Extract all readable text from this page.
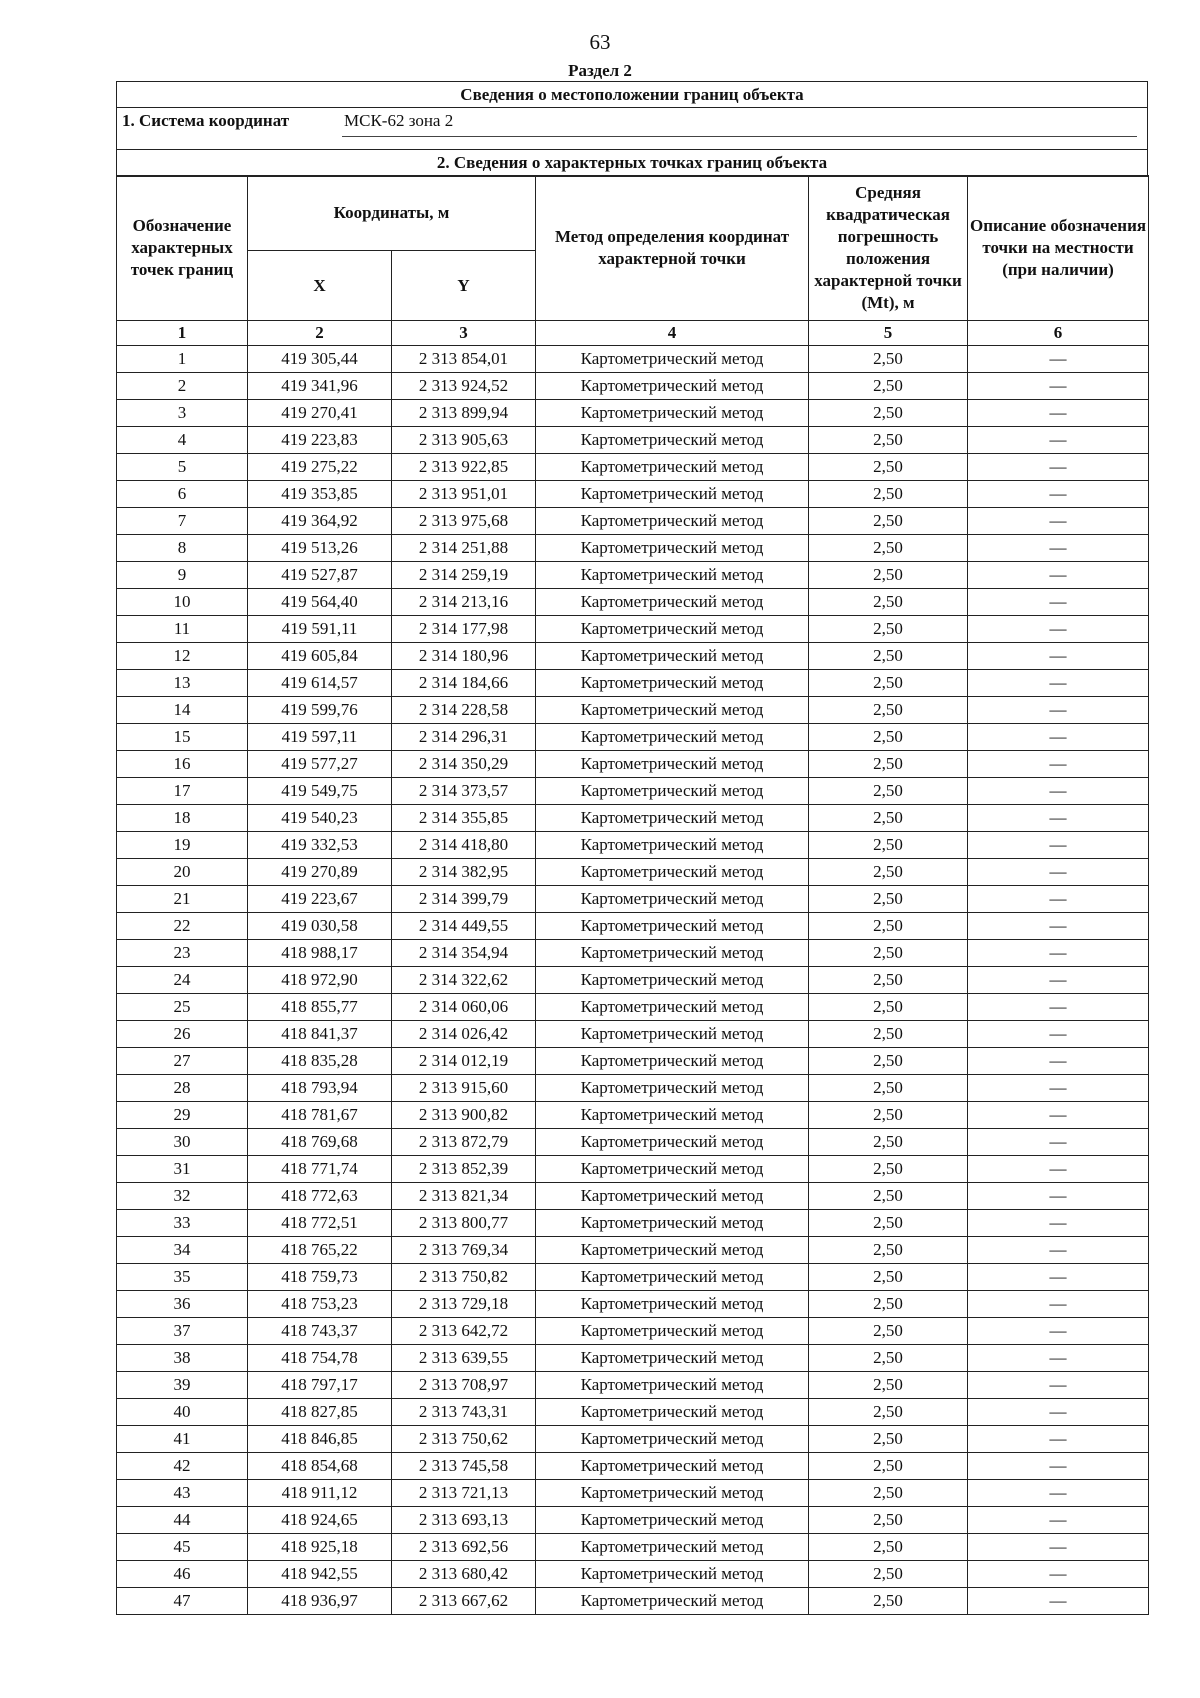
63
Раздел 2
Сведения о местоположении границ объекта
1. Система координат	МСК-62 зона 2
2. Сведения о характерных точках границ объекта
Обозначение характерных точек границ	Координаты, м		Метод определения координат характерной точки	Средняя квадратическая погрешность положения характерной точки (Mt), м	Описание обозначения точки на местности (при наличии)
	X	Y			
1	2	3	4	5	6
1	419 305,44	2 313 854,01	Картометрический метод	2,50	—
2	419 341,96	2 313 924,52	Картометрический метод	2,50	—
3	419 270,41	2 313 899,94	Картометрический метод	2,50	—
4	419 223,83	2 313 905,63	Картометрический метод	2,50	—
5	419 275,22	2 313 922,85	Картометрический метод	2,50	—
6	419 353,85	2 313 951,01	Картометрический метод	2,50	—
7	419 364,92	2 313 975,68	Картометрический метод	2,50	—
8	419 513,26	2 314 251,88	Картометрический метод	2,50	—
9	419 527,87	2 314 259,19	Картометрический метод	2,50	—
10	419 564,40	2 314 213,16	Картометрический метод	2,50	—
11	419 591,11	2 314 177,98	Картометрический метод	2,50	—
12	419 605,84	2 314 180,96	Картометрический метод	2,50	—
13	419 614,57	2 314 184,66	Картометрический метод	2,50	—
14	419 599,76	2 314 228,58	Картометрический метод	2,50	—
15	419 597,11	2 314 296,31	Картометрический метод	2,50	—
16	419 577,27	2 314 350,29	Картометрический метод	2,50	—
17	419 549,75	2 314 373,57	Картометрический метод	2,50	—
18	419 540,23	2 314 355,85	Картометрический метод	2,50	—
19	419 332,53	2 314 418,80	Картометрический метод	2,50	—
20	419 270,89	2 314 382,95	Картометрический метод	2,50	—
21	419 223,67	2 314 399,79	Картометрический метод	2,50	—
22	419 030,58	2 314 449,55	Картометрический метод	2,50	—
23	418 988,17	2 314 354,94	Картометрический метод	2,50	—
24	418 972,90	2 314 322,62	Картометрический метод	2,50	—
25	418 855,77	2 314 060,06	Картометрический метод	2,50	—
26	418 841,37	2 314 026,42	Картометрический метод	2,50	—
27	418 835,28	2 314 012,19	Картометрический метод	2,50	—
28	418 793,94	2 313 915,60	Картометрический метод	2,50	—
29	418 781,67	2 313 900,82	Картометрический метод	2,50	—
30	418 769,68	2 313 872,79	Картометрический метод	2,50	—
31	418 771,74	2 313 852,39	Картометрический метод	2,50	—
32	418 772,63	2 313 821,34	Картометрический метод	2,50	—
33	418 772,51	2 313 800,77	Картометрический метод	2,50	—
34	418 765,22	2 313 769,34	Картометрический метод	2,50	—
35	418 759,73	2 313 750,82	Картометрический метод	2,50	—
36	418 753,23	2 313 729,18	Картометрический метод	2,50	—
37	418 743,37	2 313 642,72	Картометрический метод	2,50	—
38	418 754,78	2 313 639,55	Картометрический метод	2,50	—
39	418 797,17	2 313 708,97	Картометрический метод	2,50	—
40	418 827,85	2 313 743,31	Картометрический метод	2,50	—
41	418 846,85	2 313 750,62	Картометрический метод	2,50	—
42	418 854,68	2 313 745,58	Картометрический метод	2,50	—
43	418 911,12	2 313 721,13	Картометрический метод	2,50	—
44	418 924,65	2 313 693,13	Картометрический метод	2,50	—
45	418 925,18	2 313 692,56	Картометрический метод	2,50	—
46	418 942,55	2 313 680,42	Картометрический метод	2,50	—
47	418 936,97	2 313 667,62	Картометрический метод	2,50	—
